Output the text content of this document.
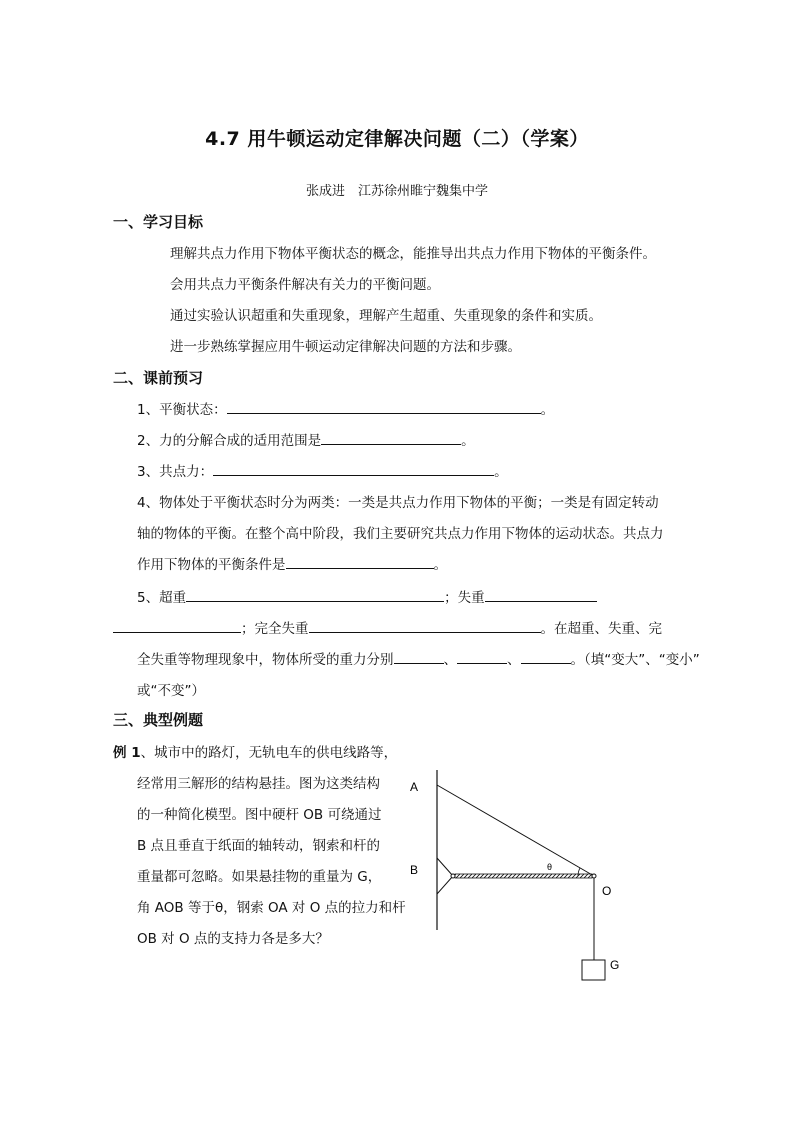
4.7 用牛顿运动定律解决问题（二）（学案）
张成进　江苏徐州睢宁魏集中学
一、学习目标
理解共点力作用下物体平衡状态的概念，能推导出共点力作用下物体的平衡条件。
会用共点力平衡条件解决有关力的平衡问题。
通过实验认识超重和失重现象，理解产生超重、失重现象的条件和实质。
进一步熟练掌握应用牛顿运动定律解决问题的方法和步骤。
二、课前预习
1、平衡状态：	。
2、力的分解合成的适用范围是	。
3、共点力：	。
4、物体处于平衡状态时分为两类：一类是共点力作用下物体的平衡；一类是有固定转动
轴的物体的平衡。在整个高中阶段，我们主要研究共点力作用下物体的运动状态。共点力
作用下物体的平衡条件是	。
5、超重	；失重
；完全失重	。在超重、失重、完
全失重等物理现象中，物体所受的重力分别	、	、	。（填“变大”、“变小”
或“不变”）
三、典型例题
例 1、城市中的路灯，无轨电车的供电线路等，
经常用三解形的结构悬挂。图为这类结构
的一种简化模型。图中硬杆 OB 可绕通过
B 点且垂直于纸面的轴转动，钢索和杆的
重量都可忽略。如果悬挂物的重量为 G，
角 AOB 等于θ，钢索 OA 对 O 点的拉力和杆
OB 对 O 点的支持力各是多大？
A
B
O
G
θ
